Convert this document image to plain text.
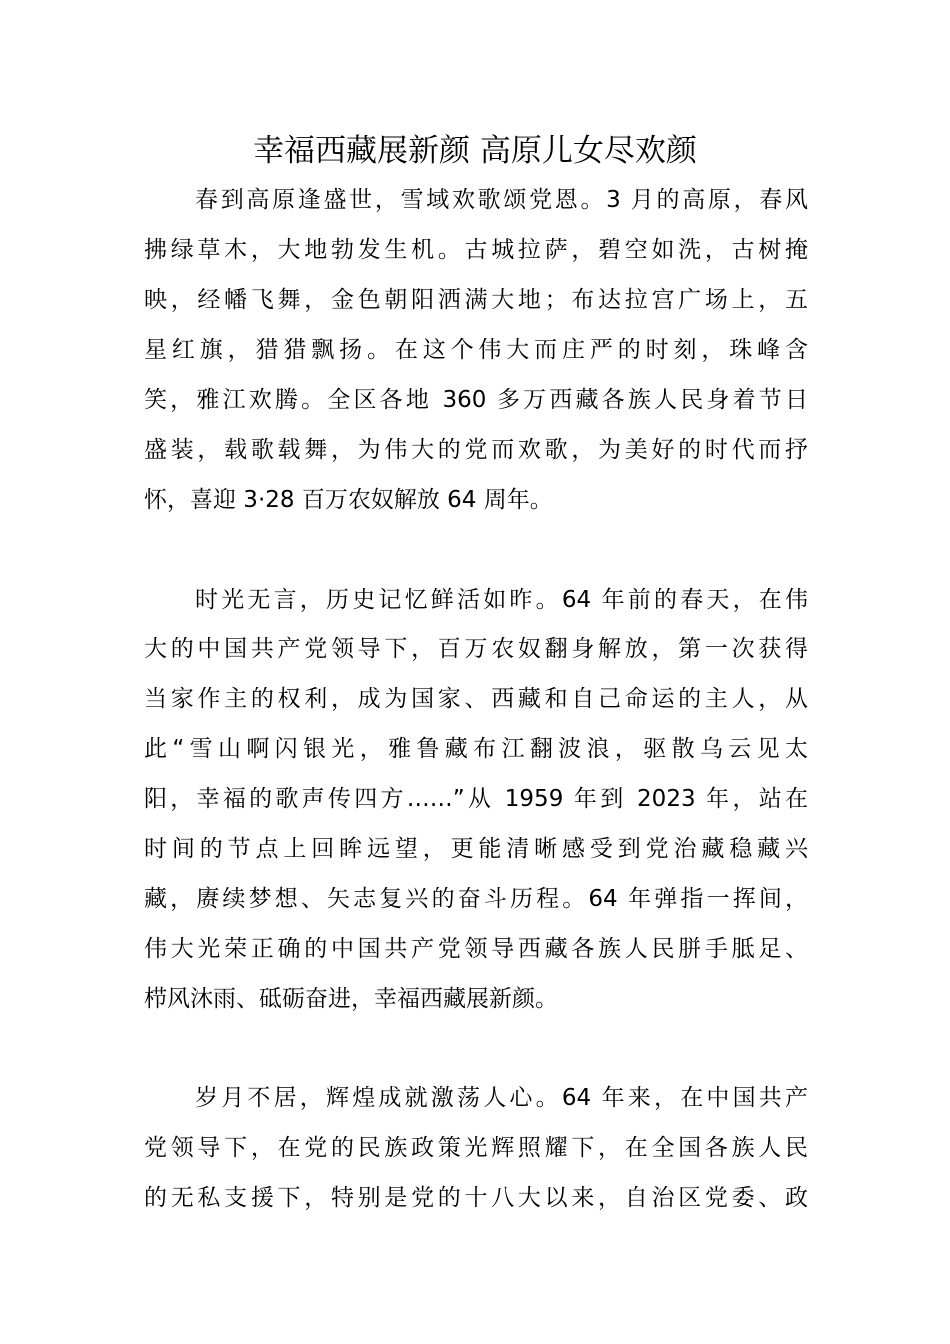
幸福西藏展新颜 高原儿女尽欢颜

春到高原逢盛世，雪域欢歌颂党恩。3 月的高原，春风

拂绿草木，大地勃发生机。古城拉萨，碧空如洗，古树掩

映，经幡飞舞，金色朝阳洒满大地；布达拉宫广场上，五

星红旗，猎猎飘扬。在这个伟大而庄严的时刻，珠峰含

笑，雅江欢腾。全区各地 360 多万西藏各族人民身着节日

盛装，载歌载舞，为伟大的党而欢歌，为美好的时代而抒

怀，喜迎 3·28 百万农奴解放 64 周年。

时光无言，历史记忆鲜活如昨。64 年前的春天，在伟

大的中国共产党领导下，百万农奴翻身解放，第一次获得

当家作主的权利，成为国家、西藏和自己命运的主人，从

此“雪山啊闪银光，雅鲁藏布江翻波浪，驱散乌云见太

阳，幸福的歌声传四方……”从 1959 年到 2023 年，站在

时间的节点上回眸远望，更能清晰感受到党治藏稳藏兴

藏，赓续梦想、矢志复兴的奋斗历程。64 年弹指一挥间，

伟大光荣正确的中国共产党领导西藏各族人民胼手胝足、

栉风沐雨、砥砺奋进，幸福西藏展新颜。

岁月不居，辉煌成就激荡人心。64 年来，在中国共产

党领导下，在党的民族政策光辉照耀下，在全国各族人民

的无私支援下，特别是党的十八大以来，自治区党委、政
